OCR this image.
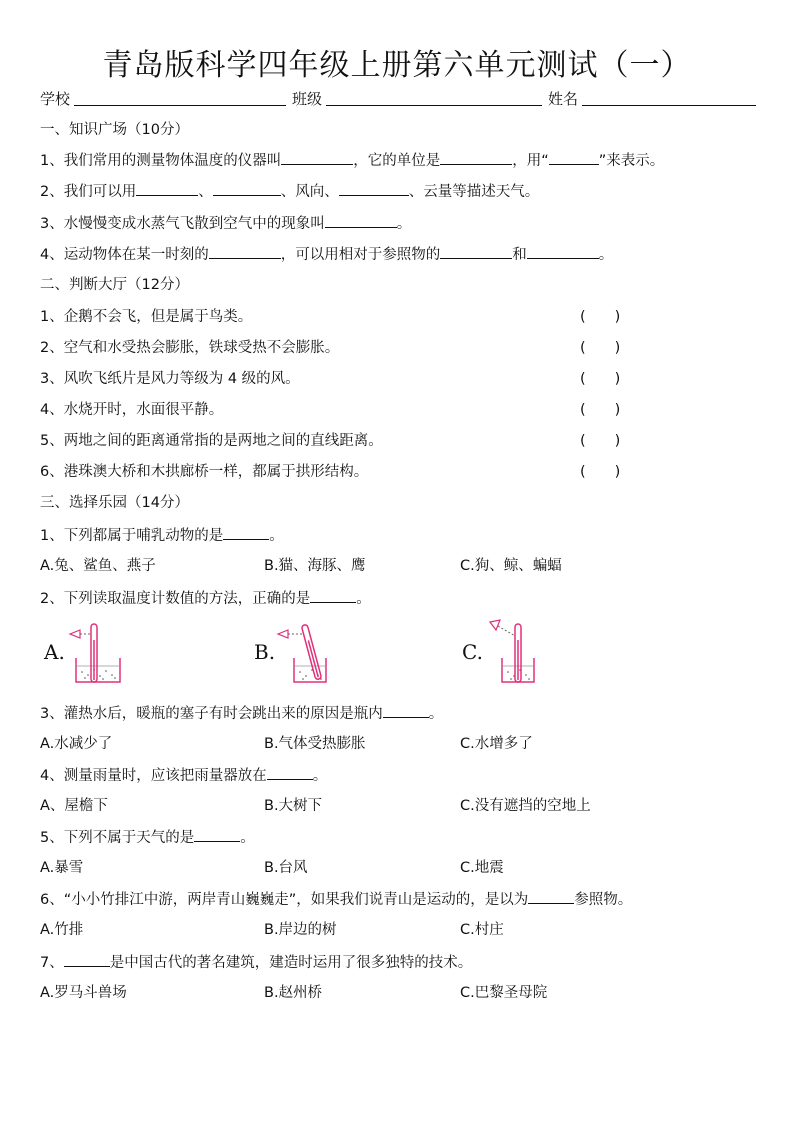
青岛版科学四年级上册第六单元测试（一）
学校	班级	姓名
一、知识广场（10分）
1、我们常用的测量物体温度的仪器叫	，它的单位是	，用“	”来表示。
2、我们可以用	、	、风向、	、云量等描述天气。
3、水慢慢变成水蒸气飞散到空气中的现象叫	。
4、运动物体在某一时刻的	，可以用相对于参照物的	和	。
二、判断大厅（12分）
1、企鹅不会飞，但是属于鸟类。	(　　)
2、空气和水受热会膨胀，铁球受热不会膨胀。	(　　)
3、风吹飞纸片是风力等级为 4 级的风。	(　　)
4、水烧开时，水面很平静。	(　　)
5、两地之间的距离通常指的是两地之间的直线距离。	(　　)
6、港珠澳大桥和木拱廊桥一样，都属于拱形结构。	(　　)
三、选择乐园（14分）
1、下列都属于哺乳动物的是	。
A.兔、鲨鱼、燕子	B.猫、海豚、鹰	C.狗、鲸、蝙蝠
2、下列读取温度计数值的方法，正确的是	。
A.	B.	C.
3、灌热水后，暖瓶的塞子有时会跳出来的原因是瓶内	。
A.水减少了	B.气体受热膨胀	C.水增多了
4、测量雨量时，应该把雨量器放在	。
A、屋檐下	B.大树下	C.没有遮挡的空地上
5、下列不属于天气的是	。
A.暴雪	B.台风	C.地震
6、“小小竹排江中游，两岸青山巍巍走”，如果我们说青山是运动的，是以为	参照物。
A.竹排	B.岸边的树	C.村庄
7、	是中国古代的著名建筑，建造时运用了很多独特的技术。
A.罗马斗兽场	B.赵州桥	C.巴黎圣母院
